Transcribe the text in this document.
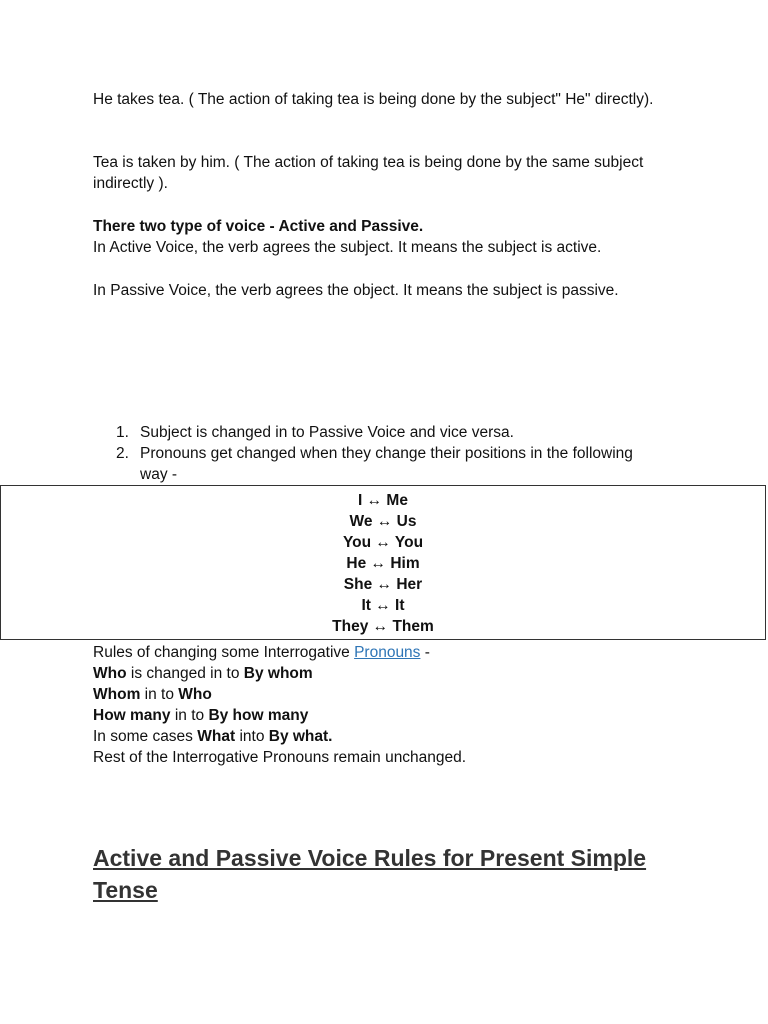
He takes tea. ( The action of taking tea is being done by the subject" He" directly).

Tea is taken by him. ( The action of taking tea is being done by the same subject indirectly ).

There two type of voice - Active and Passive.

In Active Voice, the verb agrees the subject. It means the subject is active.

In Passive Voice, the verb agrees the object. It means the subject is passive.

1. Subject is changed in to Passive Voice and vice versa.
2. Pronouns get changed when they change their positions in the following way -
I ↔ Me
We ↔ Us
You ↔ You
He ↔ Him
She ↔ Her
It ↔ It
They ↔ Them

Rules of changing some Interrogative Pronouns -

Who is changed in to By whom

Whom in to Who

How many in to By how many

In some cases What into By what.

Rest of the Interrogative Pronouns remain unchanged.

Active and Passive Voice Rules for Present Simple Tense
